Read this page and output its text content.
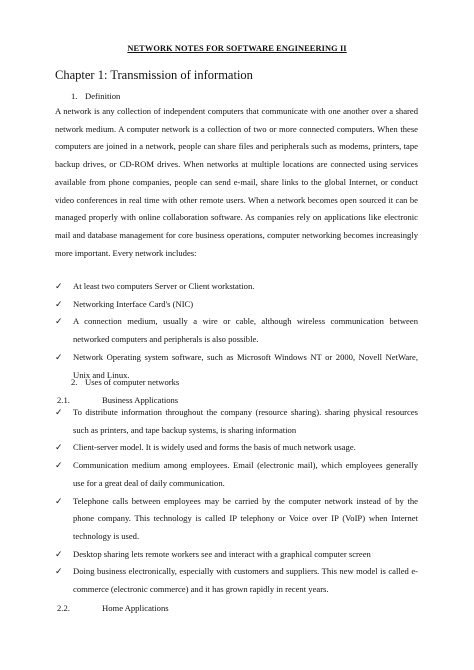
NETWORK NOTES FOR SOFTWARE ENGINEERING II
Chapter 1: Transmission of information
1. Definition
A network is any collection of independent computers that communicate with one another over a shared network medium. A computer network is a collection of two or more connected computers. When these computers are joined in a network, people can share files and peripherals such as modems, printers, tape backup drives, or CD-ROM drives. When networks at multiple locations are connected using services available from phone companies, people can send e-mail, share links to the global Internet, or conduct video conferences in real time with other remote users. When a network becomes open sourced it can be managed properly with online collaboration software. As companies rely on applications like electronic mail and database management for core business operations, computer networking becomes increasingly more important. Every network includes:
✓	At least two computers Server or Client workstation.
✓	Networking Interface Card's (NIC)
✓	A connection medium, usually a wire or cable, although wireless communication between networked computers and peripherals is also possible.
✓	Network Operating system software, such as Microsoft Windows NT or 2000, Novell NetWare, Unix and Linux.
2. Uses of computer networks
2.1.	Business Applications
✓	To distribute information throughout the company (resource sharing). sharing physical resources such as printers, and tape backup systems, is sharing information
✓	Client-server model. It is widely used and forms the basis of much network usage.
✓	Communication medium among employees. Email (electronic mail), which employees generally use for a great deal of daily communication.
✓	Telephone calls between employees may be carried by the computer network instead of by the phone company. This technology is called IP telephony or Voice over IP (VoIP) when Internet technology is used.
✓	Desktop sharing lets remote workers see and interact with a graphical computer screen
✓	Doing business electronically, especially with customers and suppliers. This new model is called e-commerce (electronic commerce) and it has grown rapidly in recent years.
2.2.	Home Applications
